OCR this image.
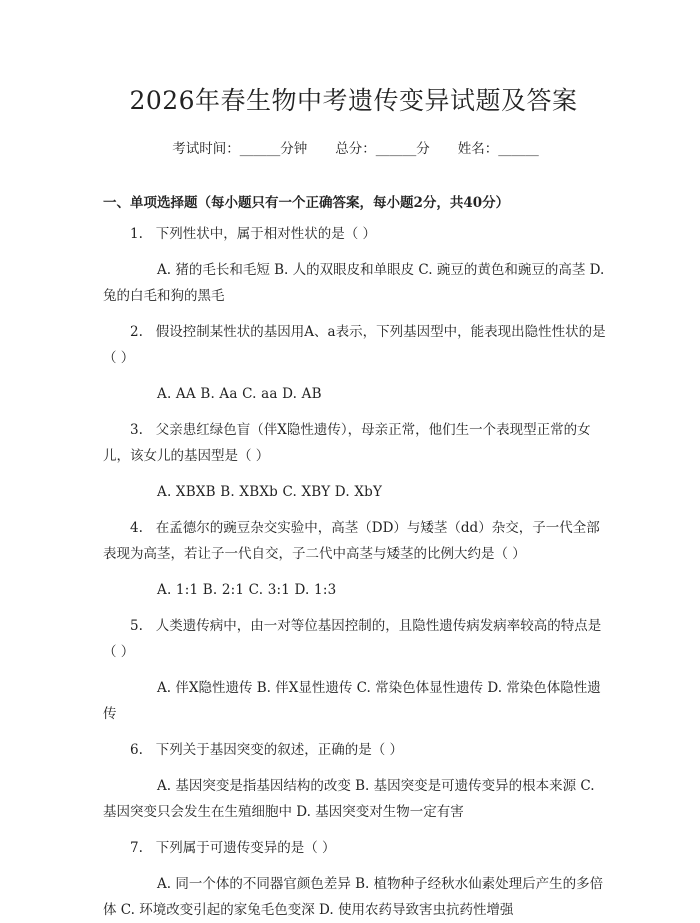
2026年春生物中考遗传变异试题及答案
考试时间：______分钟 总分：______分 姓名：______
一、单项选择题（每小题只有一个正确答案，每小题2分，共40分）
1. 下列性状中，属于相对性状的是（ ）
A. 猪的毛长和毛短 B. 人的双眼皮和单眼皮 C. 豌豆的黄色和豌豆的高茎 D. 兔的白毛和狗的黑毛
2. 假设控制某性状的基因用A、a表示，下列基因型中，能表现出隐性性状的是（ ）
A. AA B. Aa C. aa D. AB
3. 父亲患红绿色盲（伴X隐性遗传），母亲正常，他们生一个表现型正常的女儿，该女儿的基因型是（ ）
A. XBXB B. XBXb C. XBY D. XbY
4. 在孟德尔的豌豆杂交实验中，高茎（DD）与矮茎（dd）杂交，子一代全部表现为高茎，若让子一代自交，子二代中高茎与矮茎的比例大约是（ ）
A. 1:1 B. 2:1 C. 3:1 D. 1:3
5. 人类遗传病中，由一对等位基因控制的，且隐性遗传病发病率较高的特点是（ ）
A. 伴X隐性遗传 B. 伴X显性遗传 C. 常染色体显性遗传 D. 常染色体隐性遗传
6. 下列关于基因突变的叙述，正确的是（ ）
A. 基因突变是指基因结构的改变 B. 基因突变是可遗传变异的根本来源 C. 基因突变只会发生在生殖细胞中 D. 基因突变对生物一定有害
7. 下列属于可遗传变异的是（ ）
A. 同一个体的不同器官颜色差异 B. 植物种子经秋水仙素处理后产生的多倍体 C. 环境改变引起的家兔毛色变深 D. 使用农药导致害虫抗药性增强
